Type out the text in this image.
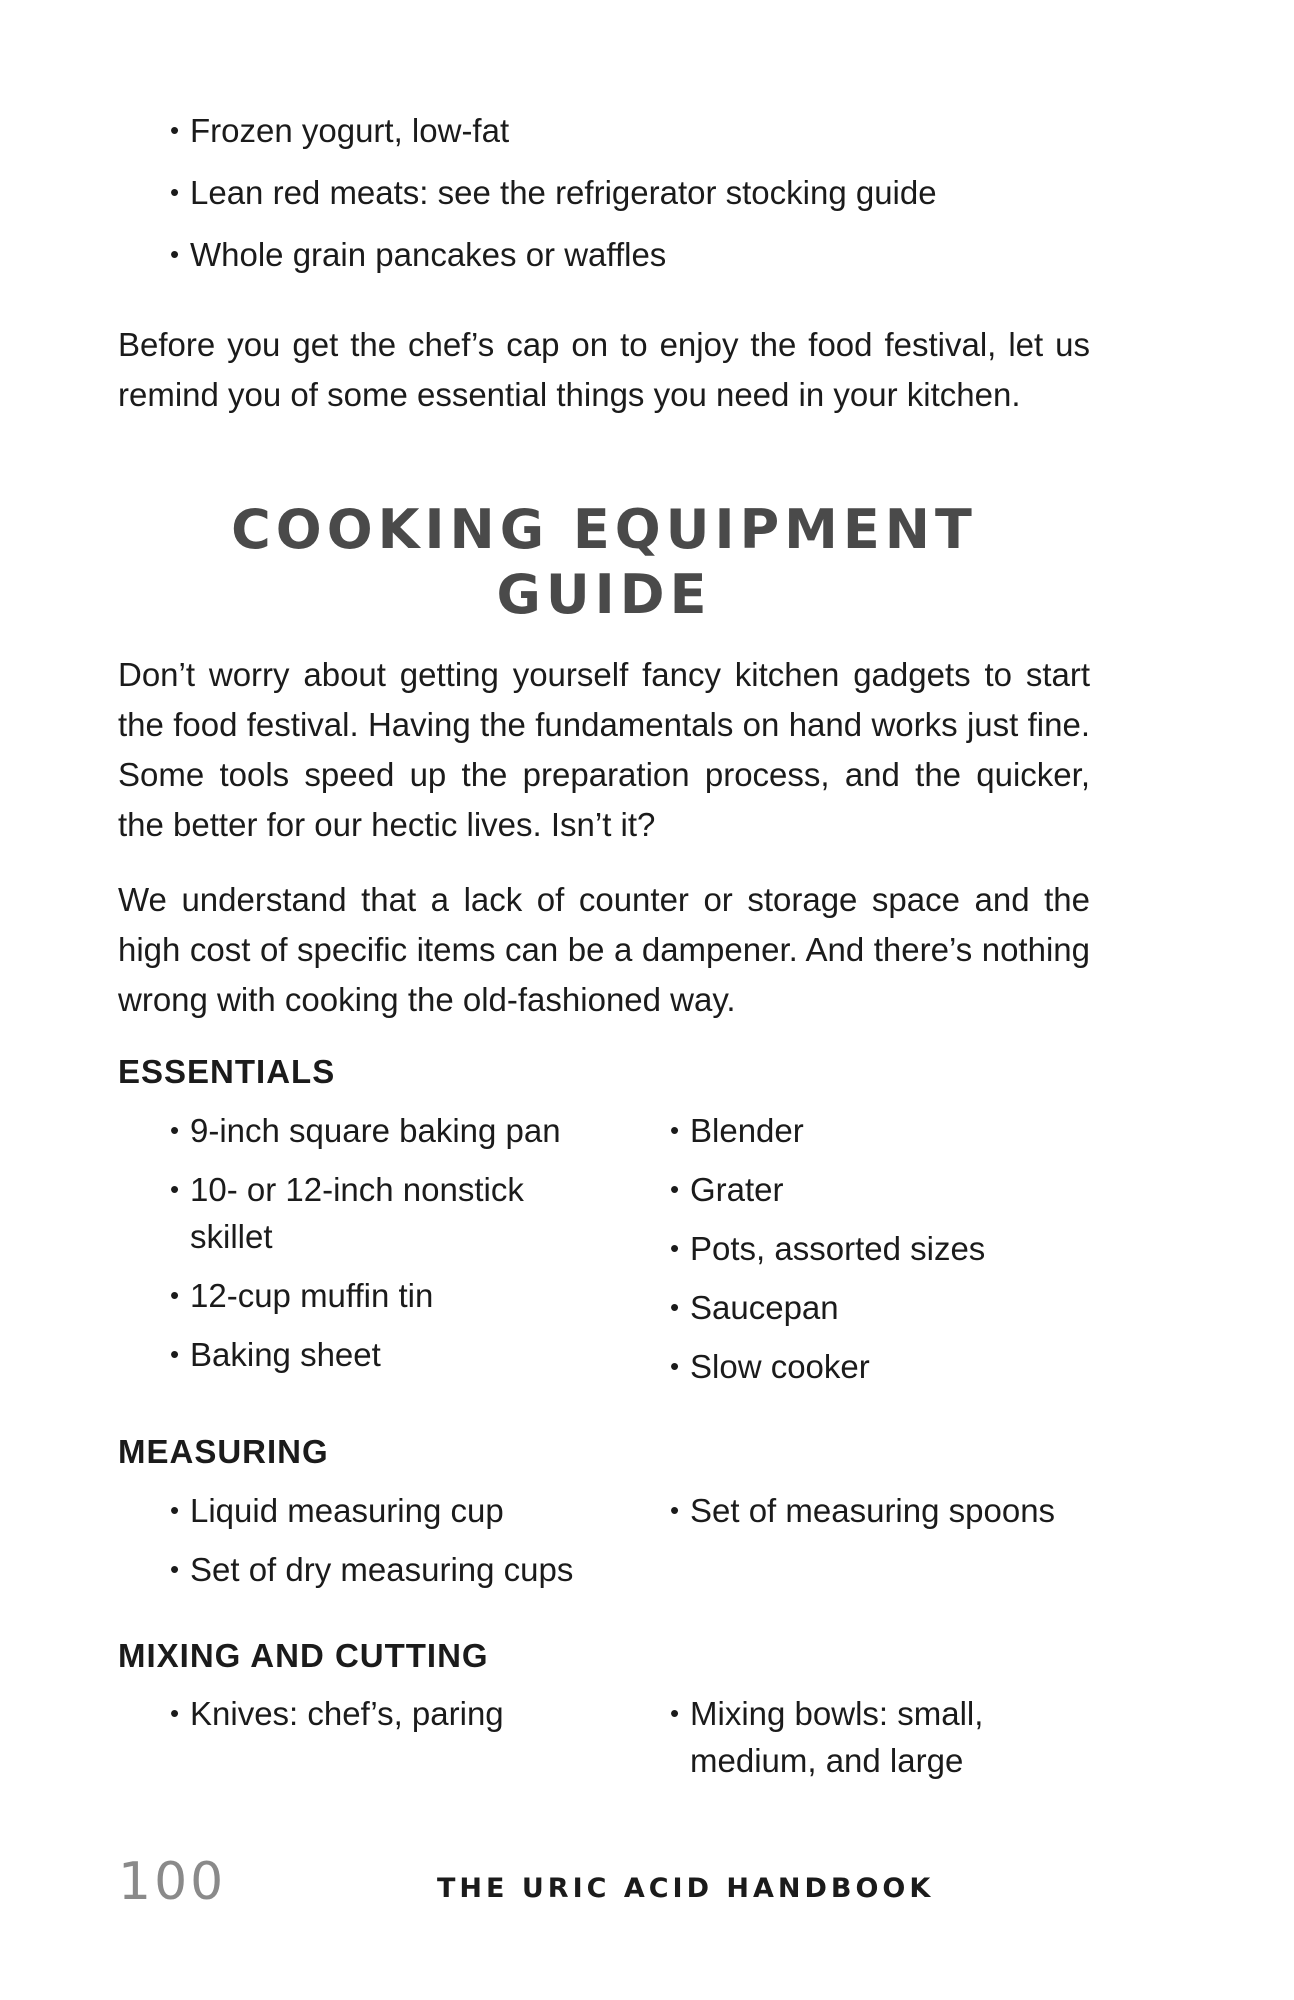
• Frozen yogurt, low-fat
• Lean red meats: see the refrigerator stocking guide
• Whole grain pancakes or waffles

Before you get the chef’s cap on to enjoy the food festival, let us remind you of some essential things you need in your kitchen.

COOKING EQUIPMENT
GUIDE

Don’t worry about getting yourself fancy kitchen gadgets to start the food festival. Having the fundamentals on hand works just fine. Some tools speed up the preparation process, and the quicker, the better for our hectic lives. Isn’t it?

We understand that a lack of counter or storage space and the high cost of specific items can be a dampener. And there’s nothing wrong with cooking the old-fashioned way.

ESSENTIALS
• 9-inch square baking pan
• 10- or 12-inch nonstick skillet
• 12-cup muffin tin
• Baking sheet
• Blender
• Grater
• Pots, assorted sizes
• Saucepan
• Slow cooker
MEASURING
• Liquid measuring cup
• Set of dry measuring cups
• Set of measuring spoons
MIXING AND CUTTING
• Knives: chef’s, paring
•	Mixing bowls: small, medium, and large
100	THE URIC ACID HANDBOOK
